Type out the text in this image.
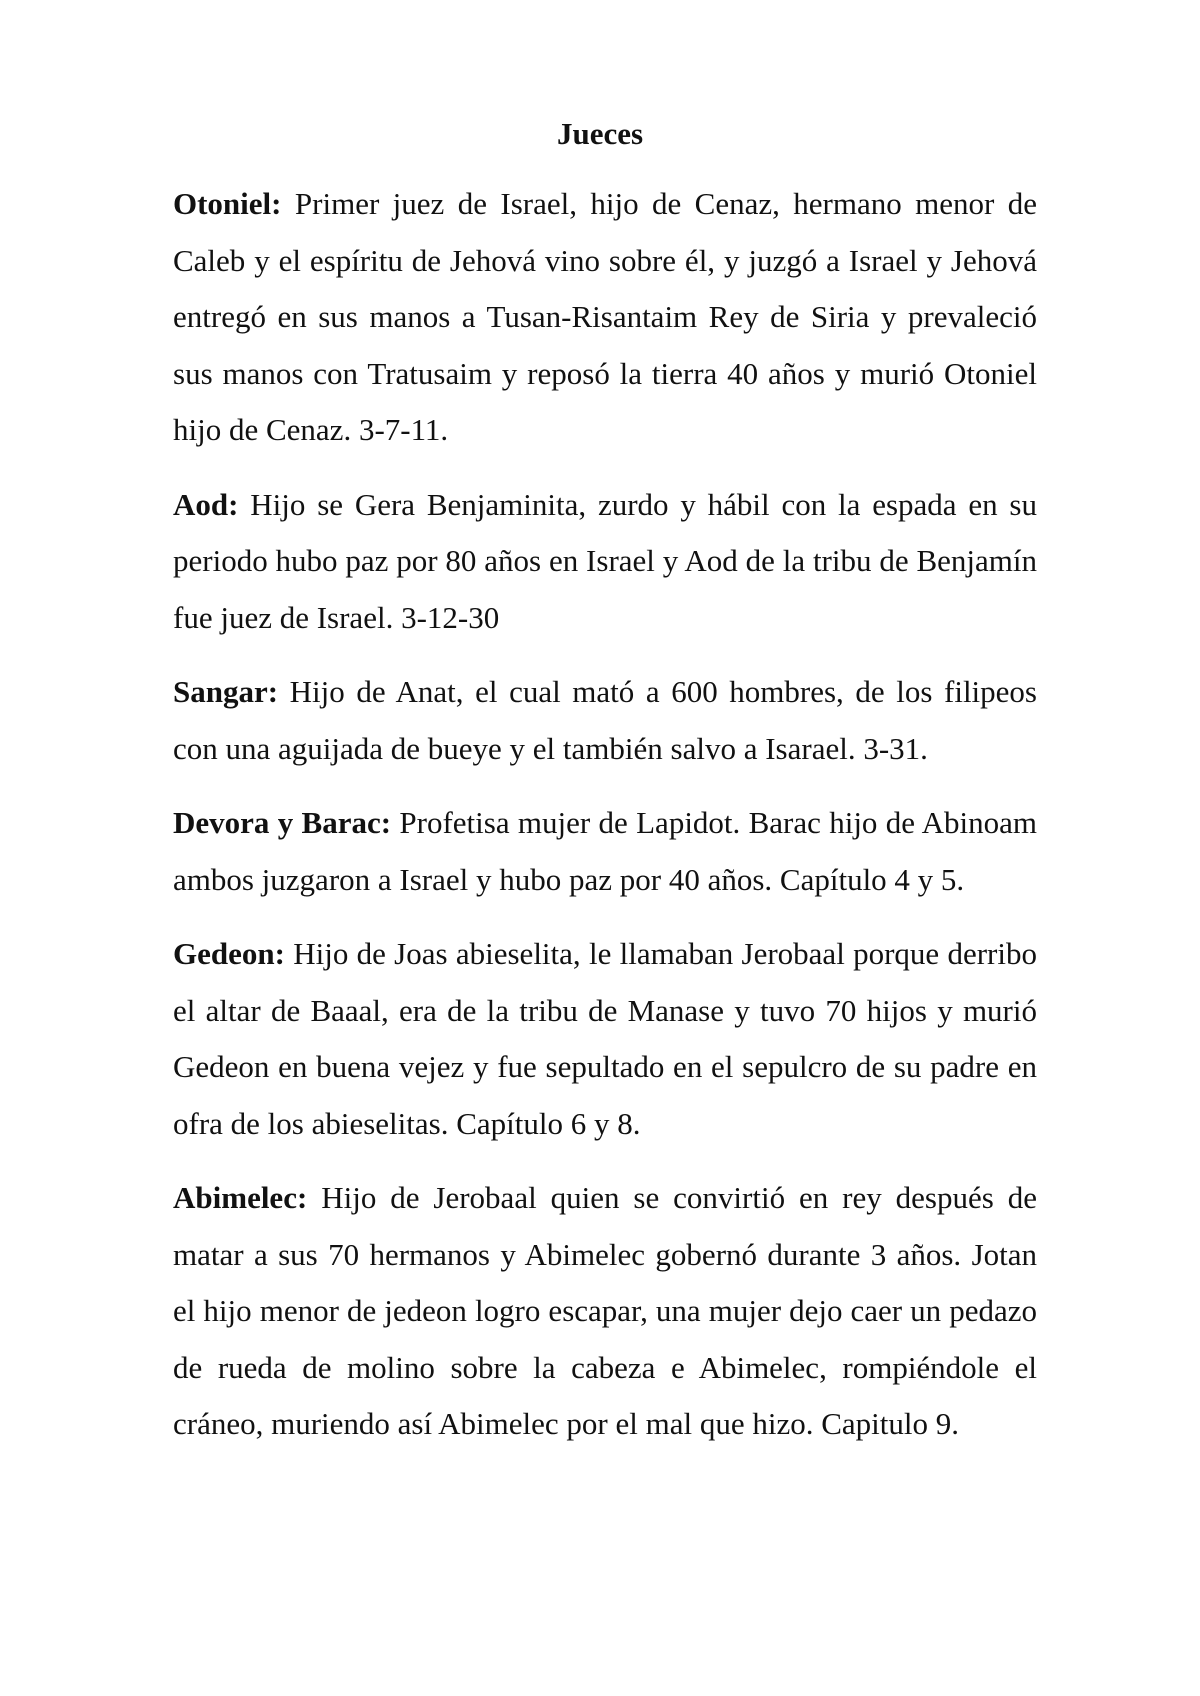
Jueces

Otoniel: Primer juez de Israel, hijo de Cenaz, hermano menor de Caleb y el espíritu de Jehová vino sobre él, y juzgó a Israel y Jehová entregó en sus manos a Tusan-Risantaim Rey de Siria y prevaleció sus manos con Tratusaim y reposó la tierra 40 años y murió Otoniel hijo de Cenaz. 3-7-11.

Aod: Hijo se Gera Benjaminita, zurdo y hábil con la espada en su periodo hubo paz por 80 años en Israel y Aod de la tribu de Benjamín fue juez de Israel. 3-12-30

Sangar: Hijo de Anat, el cual mató a 600 hombres, de los filipeos con una aguijada de bueye y el también salvo a Isarael. 3-31.

Devora y Barac: Profetisa mujer de Lapidot. Barac hijo de Abinoam ambos juzgaron a Israel y hubo paz por 40 años. Capítulo 4 y 5.

Gedeon: Hijo de Joas abieselita, le llamaban Jerobaal porque derribo el altar de Baaal, era de la tribu de Manase y tuvo 70 hijos y murió Gedeon en buena vejez y fue sepultado en el sepulcro de su padre en ofra de los abieselitas. Capítulo 6 y 8.

Abimelec: Hijo de Jerobaal quien se convirtió en rey después de matar a sus 70 hermanos y Abimelec gobernó durante 3 años. Jotan el hijo menor de jedeon logro escapar, una mujer dejo caer un pedazo de rueda de molino sobre la cabeza e Abimelec, rompiéndole el cráneo, muriendo así Abimelec por el mal que hizo. Capitulo 9.
